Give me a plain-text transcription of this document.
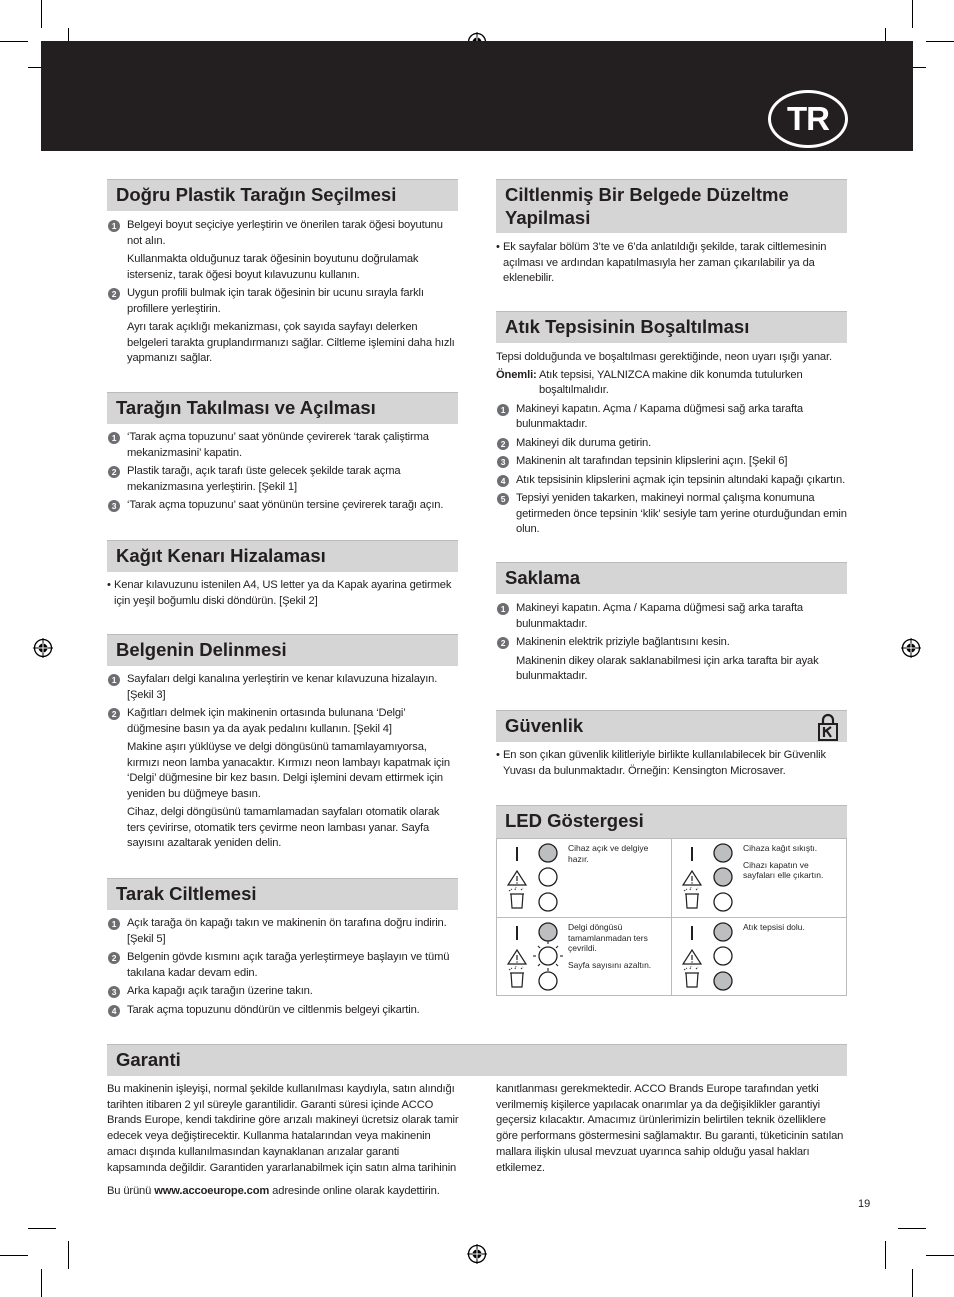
TR
Doğru Plastik Tarağın Seçilmesi
1 Belgeyi boyut seçiciye yerleştirin ve önerilen tarak öğesi boyutunu not alın.
Kullanmakta olduğunuz tarak öğesinin boyutunu doğrulamak isterseniz, tarak öğesi boyut kılavuzunu kullanın.
2 Uygun profili bulmak için tarak öğesinin bir ucunu sırayla farklı profillere yerleştirin.
Ayrı tarak açıklığı mekanizması, çok sayıda sayfayı delerken belgeleri tarakta gruplandırmanızı sağlar. Ciltleme işlemini daha hızlı yapmanızı sağlar.
Tarağın Takılması ve Açılması
1 ‘Tarak açma topuzunu’ saat yönünde çevirerek ‘tarak çaliştirma mekanizmasini’ kapatin.
2 Plastik tarağı, açık tarafı üste gelecek şekilde tarak açma mekanizmasına yerleştirin. [Şekil 1]
3 ‘Tarak açma topuzunu’ saat yönünün tersine çevirerek tarağı açın.
Kağıt Kenarı Hizalaması
• Kenar kılavuzunu istenilen A4, US letter ya da Kapak ayarina getirmek için yeşil boğumlu diski döndürün. [Şekil 2]
Belgenin Delinmesi
1 Sayfaları delgi kanalına yerleştirin ve kenar kılavuzuna hizalayın. [Şekil 3]
2 Kağıtları delmek için makinenin ortasında bulunana ‘Delgi’ düğmesine basın ya da ayak pedalını kullanın. [Şekil 4]
Makine aşırı yüklüyse ve delgi döngüsünü tamamlayamıyorsa, kırmızı neon lamba yanacaktır. Kırmızı neon lambayı kapatmak için ‘Delgi’ düğmesine bir kez basın. Delgi işlemini devam ettirmek için yeniden bu düğmeye basın.
Cihaz, delgi döngüsünü tamamlamadan sayfaları otomatik olarak ters çevirirse, otomatik ters çevirme neon lambası yanar. Sayfa sayısını azaltarak yeniden delin.
Tarak Ciltlemesi
1 Açık tarağa ön kapağı takın ve makinenin ön tarafına doğru indirin. [Şekil 5]
2 Belgenin gövde kısmını açık tarağa yerleştirmeye başlayın ve tümü takılana kadar devam edin.
3 Arka kapağı açık tarağın üzerine takın.
4 Tarak açma topuzunu döndürün ve ciltlenmis belgeyi çikartin.
Ciltlenmiş Bir Belgede Düzeltme Yapilmasi
• Ek sayfalar bölüm 3’te ve 6’da anlatıldığı şekilde, tarak ciltlemesinin açılması ve ardından kapatılmasıyla her zaman çıkarılabilir ya da eklenebilir.
Atık Tepsisinin Boşaltılması
Tepsi dolduğunda ve boşaltılması gerektiğinde, neon uyarı ışığı yanar.
Önemli: Atık tepsisi, YALNIZCA makine dik konumda tutulurken boşaltılmalıdır.
1 Makineyi kapatın. Açma / Kapama düğmesi sağ arka tarafta bulunmaktadır.
2 Makineyi dik duruma getirin.
3 Makinenin alt tarafından tepsinin klipslerini açın. [Şekil 6]
4 Atık tepsisinin klipslerini açmak için tepsinin altındaki kapağı çıkartın.
5 Tepsiyi yeniden takarken, makineyi normal çalışma konumuna getirmeden önce tepsinin ‘klik’ sesiyle tam yerine oturduğundan emin olun.
Saklama
1 Makineyi kapatın. Açma / Kapama düğmesi sağ arka tarafta bulunmaktadır.
2 Makinenin elektrik priziyle bağlantısını kesin.
Makinenin dikey olarak saklanabilmesi için arka tarafta bir ayak bulunmaktadır.
Güvenlik
• En son çıkan güvenlik kilitleriyle birlikte kullanılabilecek bir Güvenlik Yuvası da bulunmaktadır. Örneğin: Kensington Microsaver.
LED Göstergesi
Cihaz açık ve delgiye hazır.
Cihaza kağıt sıkıştı.
Cihazı kapatın ve sayfaları elle çıkartın.
Delgi döngüsü tamamlanmadan ters çevrildi.
Sayfa sayısını azaltın.
Atık tepsisi dolu.
Garanti
Bu makinenin işleyişi, normal şekilde kullanılması kaydıyla, satın alındığı tarihten itibaren 2 yıl süreyle garantilidir. Garanti süresi içinde ACCO Brands Europe, kendi takdirine göre arızalı makineyi ücretsiz olarak tamir edecek veya değiştirecektir. Kullanma hatalarından veya makinenin amacı dışında kullanılmasından kaynaklanan arızalar garanti kapsamında değildir. Garantiden yararlanabilmek için satın alma tarihinin
Bu ürünü www.accoeurope.com adresinde online olarak kaydettirin.
kanıtlanması gerekmektedir. ACCO Brands Europe tarafından yetki verilmemiş kişilerce yapılacak onarımlar ya da değişiklikler garantiyi geçersiz kılacaktır. Amacımız ürünlerimizin belirtilen teknik özelliklere göre performans göstermesini sağlamaktır. Bu garanti, tüketicinin satılan mallara ilişkin ulusal mevzuat uyarınca sahip olduğu yasal hakları etkilemez.
19
